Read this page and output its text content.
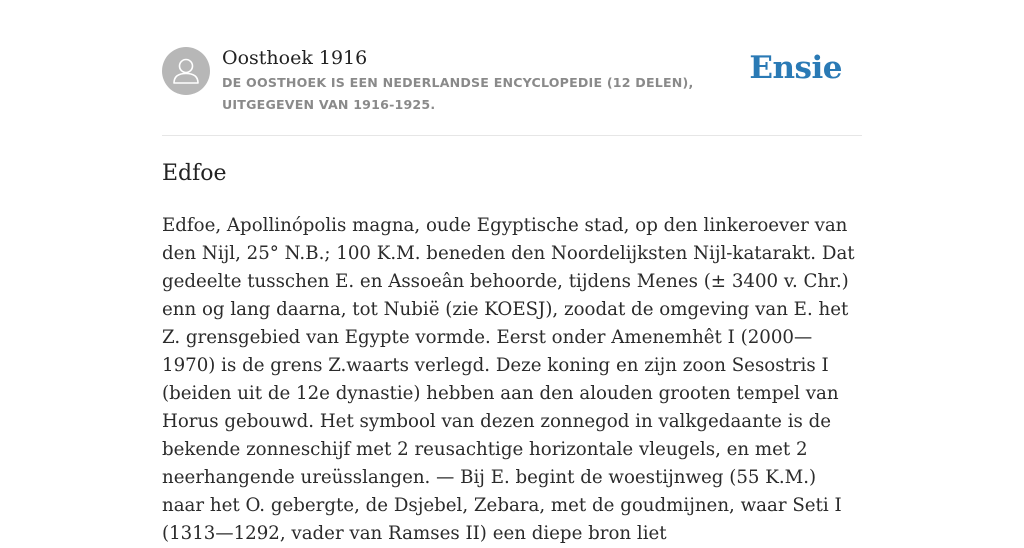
Oosthoek 1916
DE OOSTHOEK IS EEN NEDERLANDSE ENCYCLOPEDIE (12 DELEN), UITGEGEVEN VAN 1916-1925.
Ensie
Edfoe

Edfoe, Apollinópolis magna, oude Egyptische stad, op den linkeroever van den Nijl, 25° N.B.; 100 K.M. beneden den Noordelijksten Nijl-katarakt. Dat gedeelte tusschen E. en Assoeân behoorde, tijdens Menes (± 3400 v. Chr.) enn og lang daarna, tot Nubië (zie KOESJ), zoodat de omgeving van E. het Z. grensgebied van Egypte vormde. Eerst onder Amenemhêt I (2000—1970) is de grens Z.waarts verlegd. Deze koning en zijn zoon Sesostris I (beiden uit de 12e dynastie) hebben aan den alouden grooten tempel van Horus gebouwd. Het symbool van dezen zonnegod in valkgedaante is de bekende zonneschijf met 2 reusachtige horizontale vleugels, en met 2 neerhangende ureüsslangen. — Bij E. begint de woestijnweg (55 K.M.) naar het O. gebergte, de Dsjebel, Zebara, met de goudmijnen, waar Seti I (1313—1292, vader van Ramses II) een diepe bron liet
